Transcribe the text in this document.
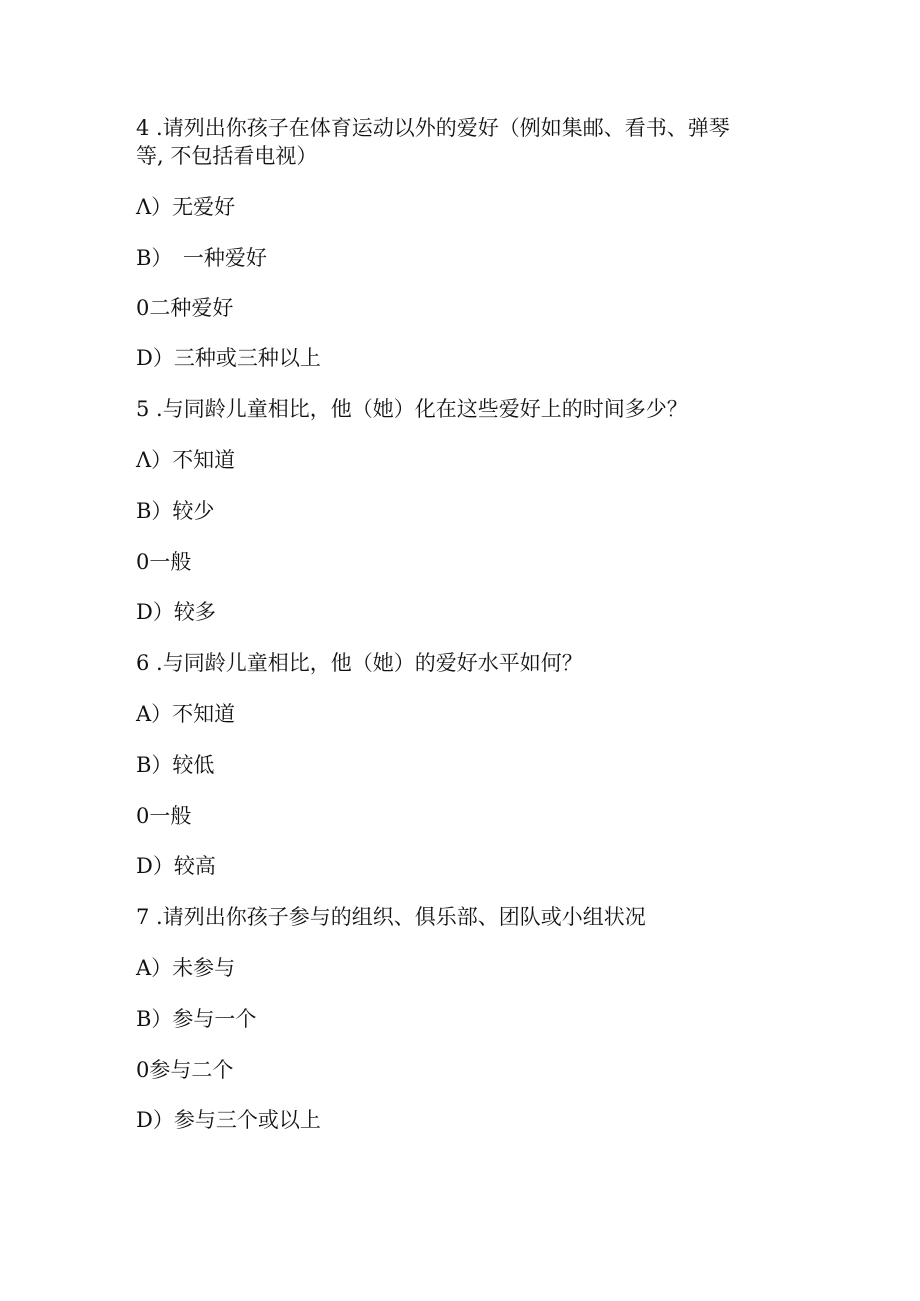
4 .请列出你孩子在体育运动以外的爱好（例如集邮、看书、弹琴

等, 不包括看电视）

Λ）无爱好

B）　一种爱好

0二种爱好

D）三种或三种以上

5 .与同龄儿童相比，他（她）化在这些爱好上的时间多少？

Λ）不知道

B）较少

0一般

D）较多

6 .与同龄儿童相比，他（她）的爱好水平如何？

A）不知道

B）较低

0一般

D）较高

7 .请列出你孩子参与的组织、俱乐部、团队或小组状况

A）未参与

B）参与一个

0参与二个

D）参与三个或以上
